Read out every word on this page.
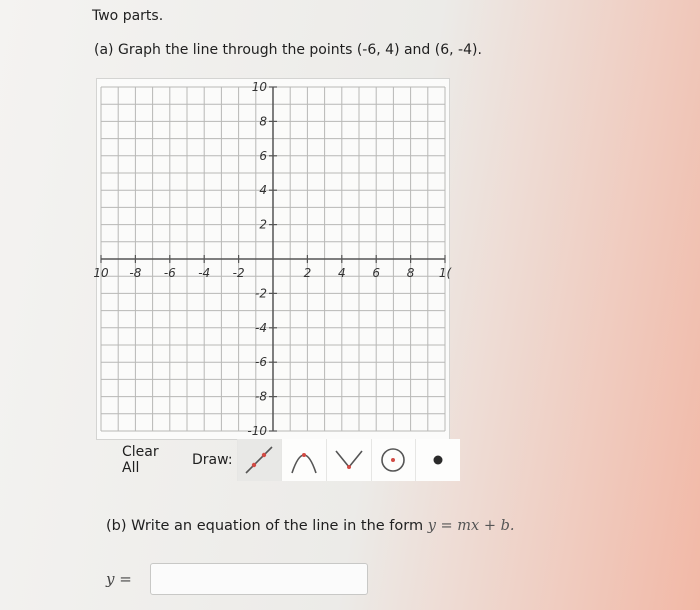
Two parts.
(a) Graph the line through the points (-6, 4) and (6, -4).
10 -8 -6 -4 -2	2 4 6 8 1(
10
8
6
4
2
-2
-4
-6
-8
-10
Clear All	Draw:
(b) Write an equation of the line in the form y = mx + b.
y =
